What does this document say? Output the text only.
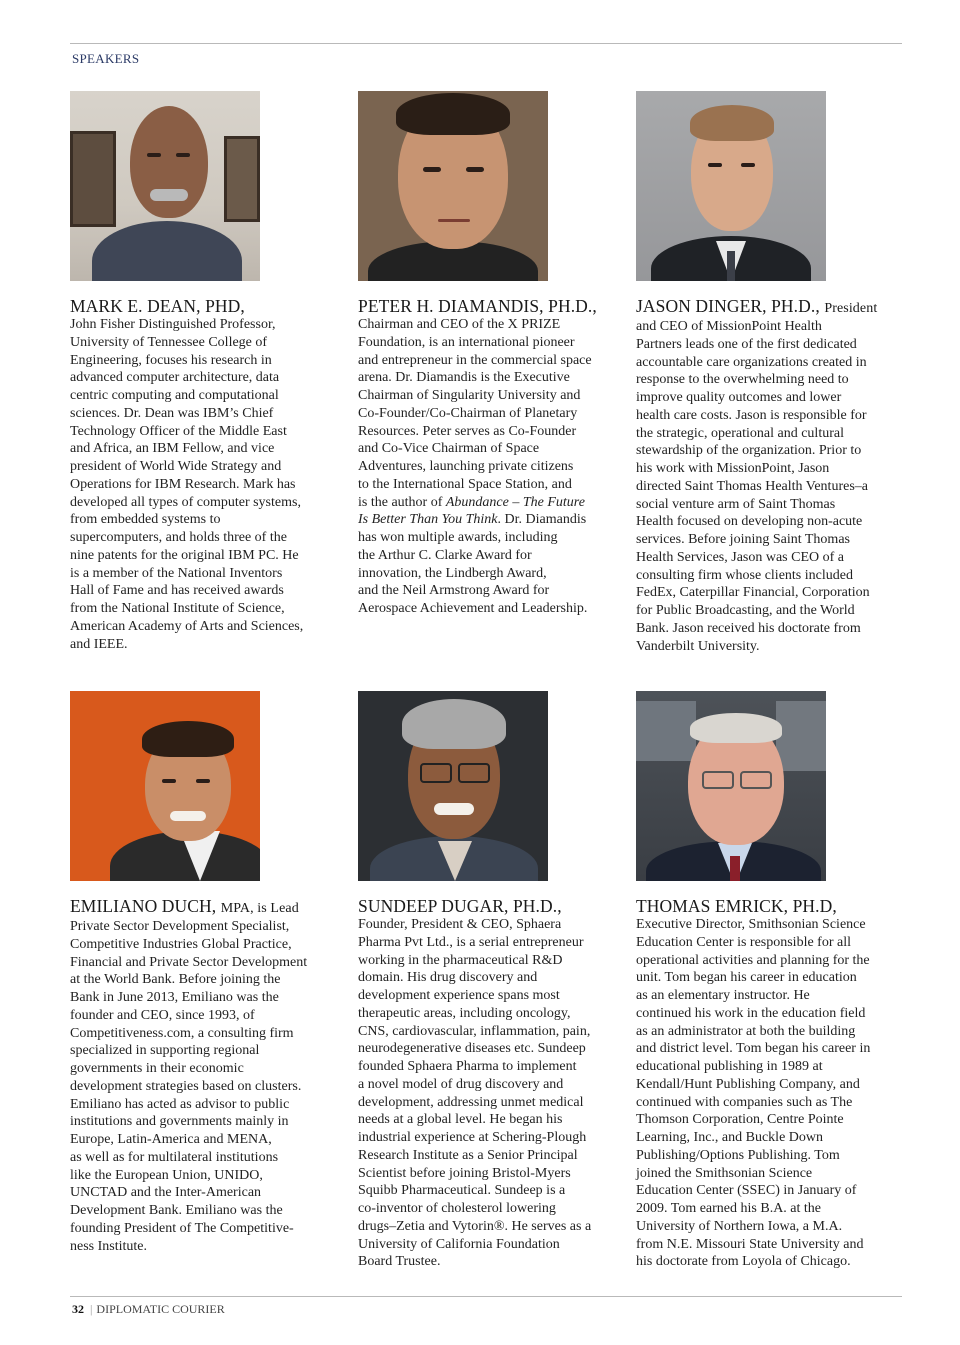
SPEAKERS
MARK E. DEAN, PHD,

John Fisher Distinguished Professor,
University of Tennessee College of
Engineering, focuses his research in
advanced computer architecture, data
centric computing and computational
sciences. Dr. Dean was IBM’s Chief
Technology Officer of the Middle East
and Africa, an IBM Fellow, and vice
president of World Wide Strategy and
Operations for IBM Research. Mark has
developed all types of computer systems,
from embedded systems to
supercomputers, and holds three of the
nine patents for the original IBM PC. He
is a member of the National Inventors
Hall of Fame and has received awards
from the National Institute of Science,
American Academy of Arts and Sciences,
and IEEE.

PETER H. DIAMANDIS, PH.D.,

Chairman and CEO of the X PRIZE
Foundation, is an international pioneer
and entrepreneur in the commercial space
arena. Dr. Diamandis is the Executive
Chairman of Singularity University and
Co-Founder/Co-Chairman of Planetary
Resources. Peter serves as Co-Founder
and Co-Vice Chairman of Space
Adventures, launching private citizens
to the International Space Station, and
is the author of Abundance – The Future
Is Better Than You Think. Dr. Diamandis
has won multiple awards, including
the Arthur C. Clarke Award for
innovation, the Lindbergh Award,
and the Neil Armstrong Award for
Aerospace Achievement and Leadership.

JASON DINGER, PH.D., President

and CEO of MissionPoint Health
Partners leads one of the first dedicated
accountable care organizations created in
response to the overwhelming need to
improve quality outcomes and lower
health care costs. Jason is responsible for
the strategic, operational and cultural
stewardship of the organization. Prior to
his work with MissionPoint, Jason
directed Saint Thomas Health Ventures–a
social venture arm of Saint Thomas
Health focused on developing non-acute
services. Before joining Saint Thomas
Health Services, Jason was CEO of a
consulting firm whose clients included
FedEx, Caterpillar Financial, Corporation
for Public Broadcasting, and the World
Bank. Jason received his doctorate from
Vanderbilt University.

EMILIANO DUCH, MPA, is Lead

Private Sector Development Specialist,
Competitive Industries Global Practice,
Financial and Private Sector Development
at the World Bank. Before joining the
Bank in June 2013, Emiliano was the
founder and CEO, since 1993, of
Competitiveness.com, a consulting firm
specialized in supporting regional
governments in their economic
development strategies based on clusters.
Emiliano has acted as advisor to public
institutions and governments mainly in
Europe, Latin-America and MENA,
as well as for multilateral institutions
like the European Union, UNIDO,
UNCTAD and the Inter-American
Development Bank. Emiliano was the
founding President of The Competitive-
ness Institute.

SUNDEEP DUGAR, PH.D.,

Founder, President & CEO, Sphaera
Pharma Pvt Ltd., is a serial entrepreneur
working in the pharmaceutical R&D
domain. His drug discovery and
development experience spans most
therapeutic areas, including oncology,
CNS, cardiovascular, inflammation, pain,
neurodegenerative diseases etc. Sundeep
founded Sphaera Pharma to implement
a novel model of drug discovery and
development, addressing unmet medical
needs at a global level. He began his
industrial experience at Schering-Plough
Research Institute as a Senior Principal
Scientist before joining Bristol-Myers
Squibb Pharmaceutical. Sundeep is a
co-inventor of cholesterol lowering
drugs–Zetia and Vytorin®. He serves as a
University of California Foundation
Board Trustee.

THOMAS EMRICK, PH.D,

Executive Director, Smithsonian Science
Education Center is responsible for all
operational activities and planning for the
unit. Tom began his career in education
as an elementary instructor. He
continued his work in the education field
as an administrator at both the building
and district level. Tom began his career in
educational publishing in 1989 at
Kendall/Hunt Publishing Company, and
continued with companies such as The
Thomson Corporation, Centre Pointe
Learning, Inc., and Buckle Down
Publishing/Options Publishing. Tom
joined the Smithsonian Science
Education Center (SSEC) in January of
2009. Tom earned his B.A. at the
University of Northern Iowa, a M.A.
from N.E. Missouri State University and
his doctorate from Loyola of Chicago.

32 | DIPLOMATIC COURIER
